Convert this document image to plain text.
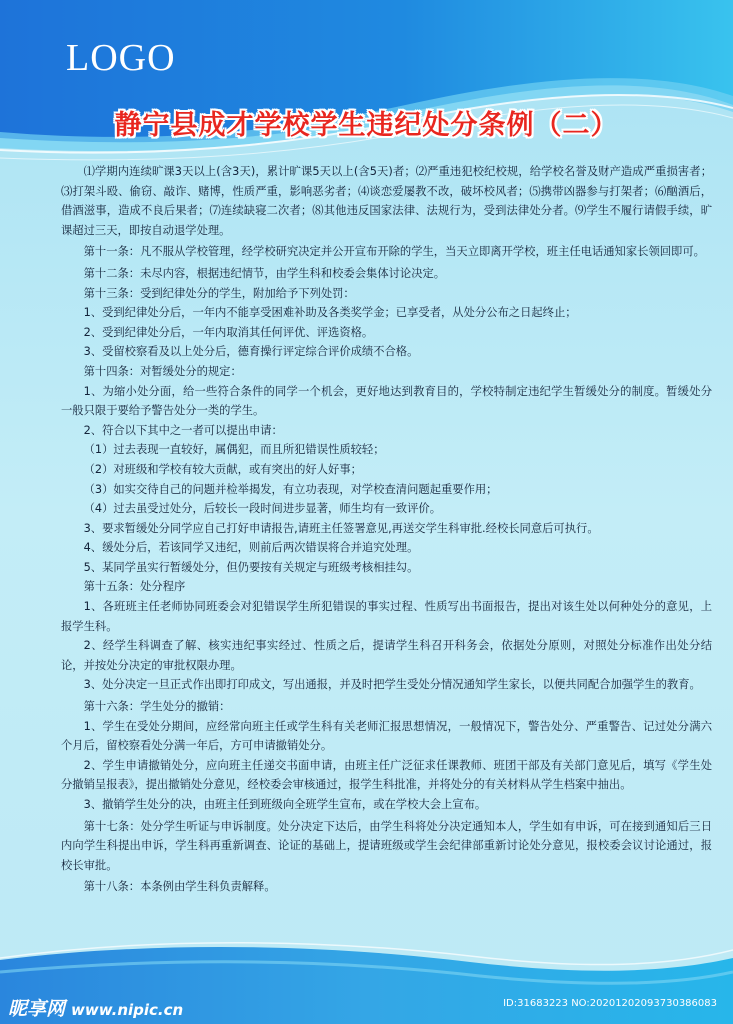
LOGO
静宁县成才学校学生违纪处分条例（二）

⑴学期内连续旷课3天以上(含3天)，累计旷课5天以上(含5天)者；⑵严重违犯校纪校规，给学校名誉及财产造成严重损害者；⑶打架斗殴、偷窃、敲诈、赌博，性质严重，影响恶劣者；⑷谈恋爱屡教不改，破坏校风者；⑸携带凶器参与打架者；⑹酗酒后，借酒滋事，造成不良后果者；⑺连续缺寝二次者；⑻其他违反国家法律、法规行为，受到法律处分者。⑼学生不履行请假手续，旷课超过三天，即按自动退学处理。

第十一条：凡不服从学校管理，经学校研究决定并公开宣布开除的学生，当天立即离开学校，班主任电话通知家长领回即可。

第十二条：未尽内容，根据违纪情节，由学生科和校委会集体讨论决定。

第十三条：受到纪律处分的学生，附加给予下列处罚：

1、受到纪律处分后，一年内不能享受困难补助及各类奖学金；已享受者，从处分公布之日起终止；

2、受到纪律处分后，一年内取消其任何评优、评选资格。

3、受留校察看及以上处分后，德育操行评定综合评价成绩不合格。

第十四条：对暂缓处分的规定：

1、为缩小处分面，给一些符合条件的同学一个机会，更好地达到教育目的，学校特制定违纪学生暂缓处分的制度。暂缓处分一般只限于要给予警告处分一类的学生。

2、符合以下其中之一者可以提出申请：

（1）过去表现一直较好，属偶犯，而且所犯错误性质较轻；

（2）对班级和学校有较大贡献，或有突出的好人好事；

（3）如实交待自己的问题并检举揭发，有立功表现，对学校查清问题起重要作用；

（4）过去虽受过处分，后较长一段时间进步显著，师生均有一致评价。

3、要求暂缓处分同学应自己打好申请报告,请班主任签署意见,再送交学生科审批.经校长同意后可执行。

4、缓处分后，若该同学又违纪，则前后两次错误将合并追究处理。

5、某同学虽实行暂缓处分，但仍要按有关规定与班级考核相挂勾。

第十五条：处分程序

1、各班班主任老师协同班委会对犯错误学生所犯错误的事实过程、性质写出书面报告，提出对该生处以何种处分的意见，上报学生科。

2、经学生科调查了解、核实违纪事实经过、性质之后，提请学生科召开科务会，依据处分原则，对照处分标准作出处分结论，并按处分决定的审批权限办理。

3、处分决定一旦正式作出即打印成文，写出通报，并及时把学生受处分情况通知学生家长，以便共同配合加强学生的教育。

第十六条：学生处分的撤销：

1、学生在受处分期间，应经常向班主任或学生科有关老师汇报思想情况，一般情况下，警告处分、严重警告、记过处分满六个月后，留校察看处分满一年后，方可申请撤销处分。

2、学生申请撤销处分，应向班主任递交书面申请，由班主任广泛征求任课教师、班团干部及有关部门意见后，填写《学生处分撤销呈报表》，提出撤销处分意见，经校委会审核通过，报学生科批准，并将处分的有关材料从学生档案中抽出。

3、撤销学生处分的决，由班主任到班级向全班学生宣布，或在学校大会上宣布。

第十七条：处分学生听证与申诉制度。处分决定下达后，由学生科将处分决定通知本人，学生如有申诉，可在接到通知后三日内向学生科提出申诉，学生科再重新调查、论证的基础上，提请班级或学生会纪律部重新讨论处分意见，报校委会议讨论通过，报校长审批。

第十八条：本条例由学生科负责解释。

昵享网 www.nipic.cn	ID:31683223 NO:20201202093730386083
